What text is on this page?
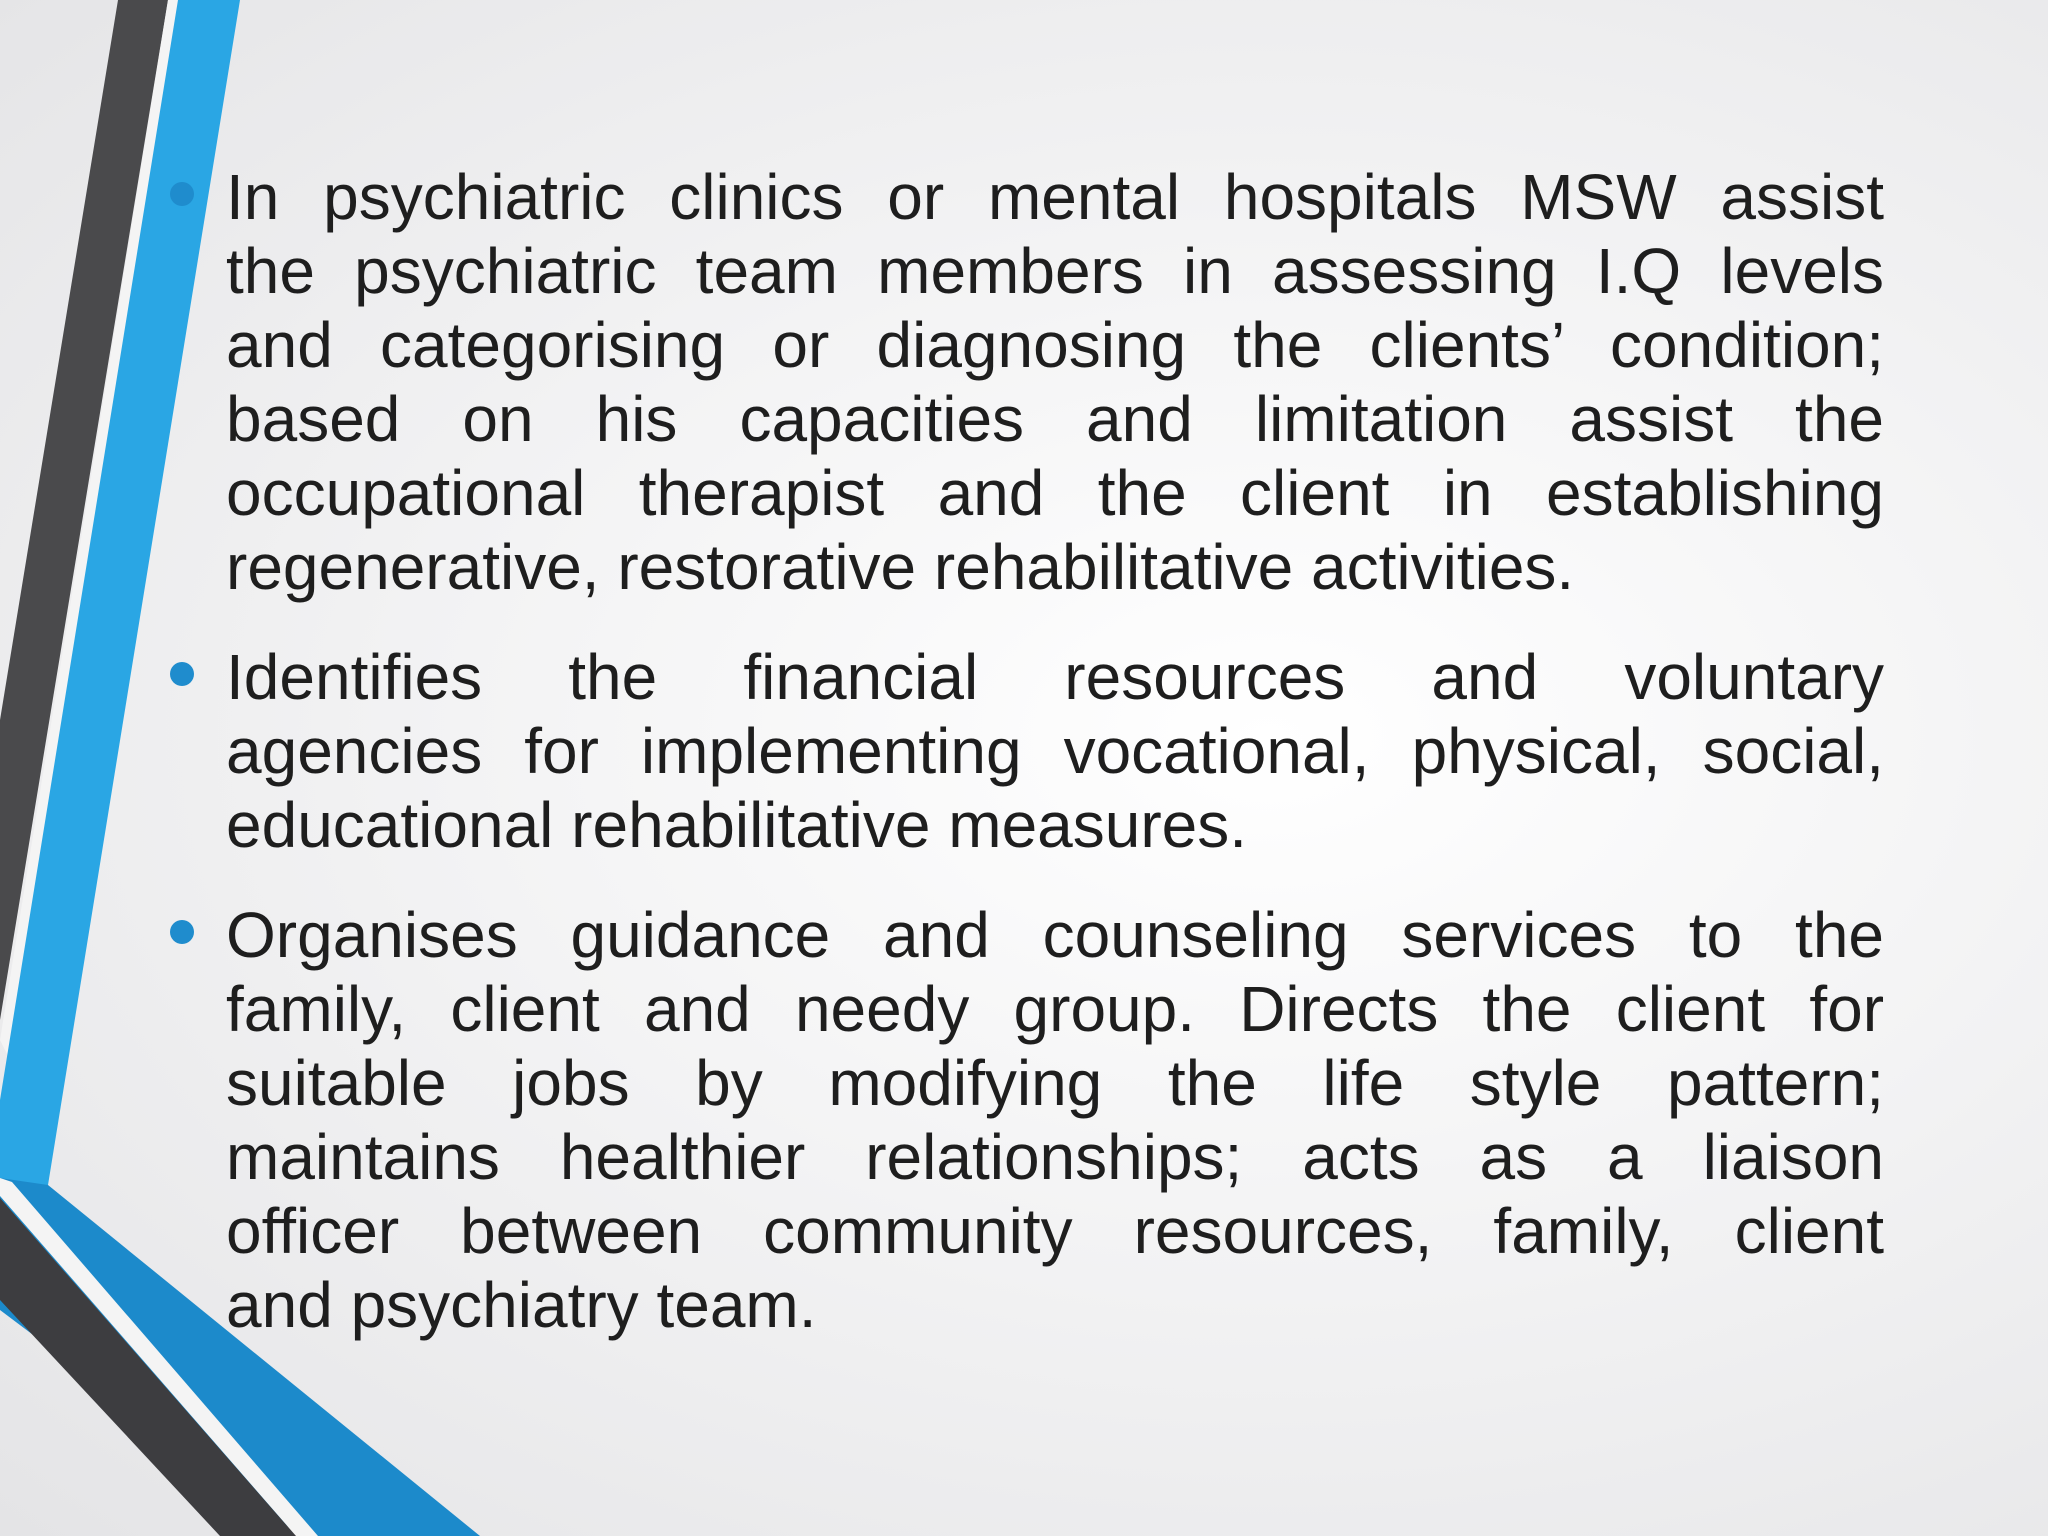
In psychiatric clinics or mental hospitals MSW assist
the psychiatric team members in assessing I.Q levels
and categorising or diagnosing the clients’ condition;
based on his capacities and limitation assist the
occupational therapist and the client in establishing
regenerative, restorative rehabilitative activities.
Identifies the financial resources and voluntary
agencies for implementing vocational, physical, social,
educational rehabilitative measures.
Organises guidance and counseling services to the
family, client and needy group. Directs the client for
suitable jobs by modifying the life style pattern;
maintains healthier relationships; acts as a liaison
officer between community resources, family, client
and psychiatry team.
